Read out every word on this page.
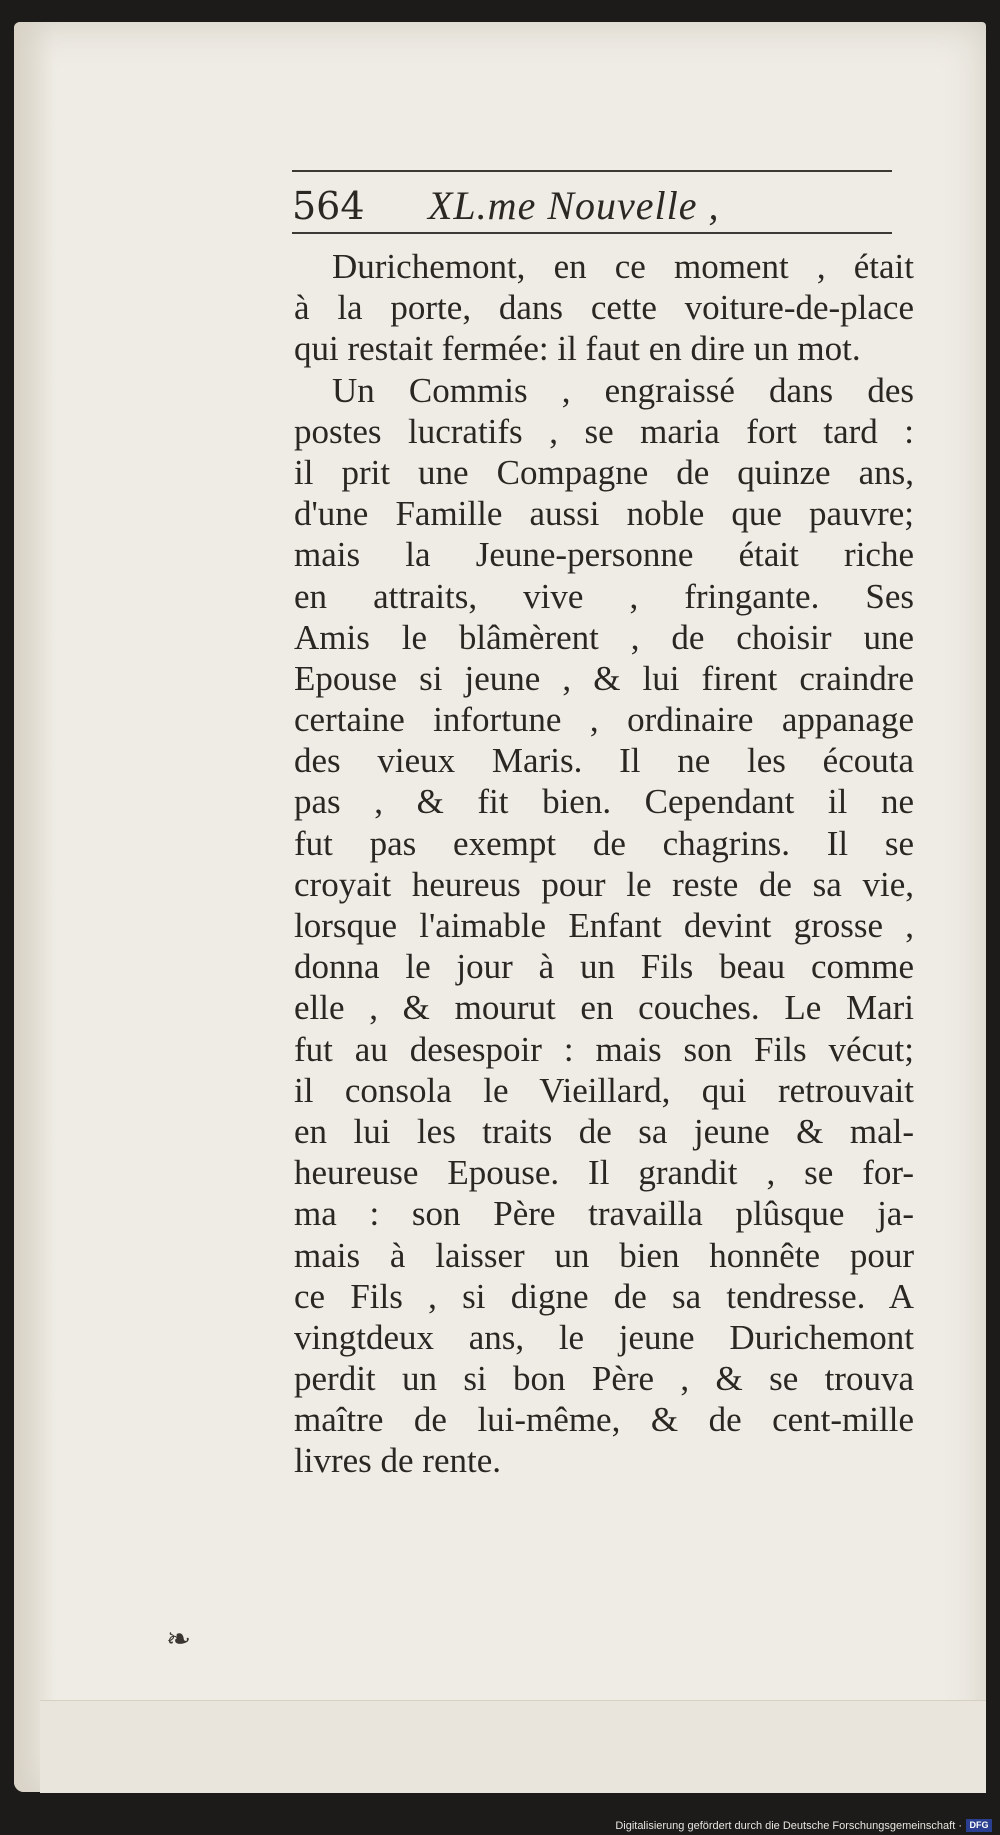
564 XL.me Nouvelle ,
Durichemont, en ce moment , était
à la porte, dans cette voiture-de-place
qui restait fermée: il faut en dire un mot.
Un Commis , engraissé dans des
postes lucratifs , se maria fort tard :
il prit une Compagne de quinze ans,
d'une Famille aussi noble que pauvre;
mais la Jeune-personne était riche
en attraits, vive , fringante. Ses
Amis le blâmèrent , de choisir une
Epouse si jeune , & lui firent craindre
certaine infortune , ordinaire appanage
des vieux Maris. Il ne les écouta
pas , & fit bien. Cependant il ne
fut pas exempt de chagrins. Il se
croyait heureus pour le reste de sa vie,
lorsque l'aimable Enfant devint grosse ,
donna le jour à un Fils beau comme
elle , & mourut en couches. Le Mari
fut au desespoir : mais son Fils vécut;
il consola le Vieillard, qui retrouvait
en lui les traits de sa jeune & mal-
heureuse Epouse. Il grandit , se for-
ma : son Père travailla plûsque ja-
mais à laisser un bien honnête pour
ce Fils , si digne de sa tendresse. A
vingtdeux ans, le jeune Durichemont
perdit un si bon Père , & se trouva
maître de lui-même, & de cent-mille
livres de rente.
❧
Digitalisierung gefördert durch die Deutsche Forschungsgemeinschaft · DFG
